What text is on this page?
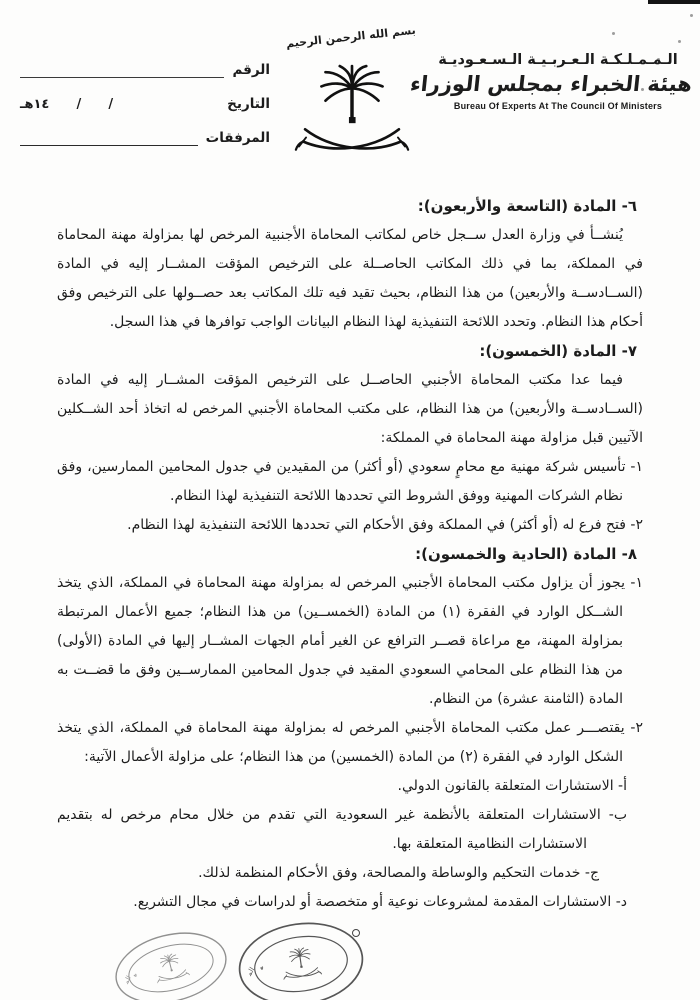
الرقم
التاريخ
/      /      ١٤هـ
المرفقات
بسم الله الرحمن الرحيم
الـمـمـلـكـة الـعـربـيـة الـسـعـوديـة
هيئة الخبراء بمجلس الوزراء
Bureau Of Experts At The Council Of Ministers
٦- المادة (التاسعة والأربعون):

يُنشــأ في وزارة العدل ســجل خاص لمكاتب المحاماة الأجنبية المرخص لها بمزاولة مهنة المحاماة في المملكة، بما في ذلك المكاتب الحاصــلة على الترخيص المؤقت المشــار إليه في المادة (الســادســة والأربعين) من هذا النظام، بحيث تقيد فيه تلك المكاتب بعد حصــولها على الترخيص وفق أحكام هذا النظام. وتحدد اللائحة التنفيذية لهذا النظام البيانات الواجب توافرها في هذا السجل.

٧- المادة (الخمسون):

فيما عدا مكتب المحاماة الأجنبي الحاصــل على الترخيص المؤقت المشــار إليه في المادة (الســادســة والأربعين) من هذا النظام، على مكتب المحاماة الأجنبي المرخص له اتخاذ أحد الشــكلين الآتيين قبل مزاولة مهنة المحاماة في المملكة:

١- تأسيس شركة مهنية مع محامٍ سعودي (أو أكثر) من المقيدين في جدول المحامين الممارسين، وفق نظام الشركات المهنية ووفق الشروط التي تحددها اللائحة التنفيذية لهذا النظام.
٢- فتح فرع له (أو أكثر) في المملكة وفق الأحكام التي تحددها اللائحة التنفيذية لهذا النظام.
٨- المادة (الحادية والخمسون):
١- يجوز أن يزاول مكتب المحاماة الأجنبي المرخص له بمزاولة مهنة المحاماة في المملكة، الذي يتخذ الشــكل الوارد في الفقرة (١) من المادة (الخمســين) من هذا النظام؛ جميع الأعمال المرتبطة بمزاولة المهنة، مع مراعاة قصــر الترافع عن الغير أمام الجهات المشــار إليها في المادة (الأولى) من هذا النظام على المحامي السعودي المقيد في جدول المحامين الممارســين وفق ما قضــت به المادة (الثامنة عشرة) من النظام.
٢- يقتصـــر عمل مكتب المحاماة الأجنبي المرخص له بمزاولة مهنة المحاماة في المملكة، الذي يتخذ الشكل الوارد في الفقرة (٢) من المادة (الخمسين) من هذا النظام؛ على مزاولة الأعمال الآتية:
أ- الاستشارات المتعلقة بالقانون الدولي.
ب- الاستشارات المتعلقة بالأنظمة غير السعودية التي تقدم من خلال محام مرخص له بتقديم الاستشارات النظامية المتعلقة بها.
ج- خدمات التحكيم والوساطة والمصالحة، وفق الأحكام المنظمة لذلك.
د- الاستشارات المقدمة لمشروعات نوعية أو متخصصة أو لدراسات في مجال التشريع.
المملكة العربية السعودية
هيئة الخبراء بمجلس الوزراء
المملكة العربية السعودية
هيئة الخبراء بمجلس الوزراء
